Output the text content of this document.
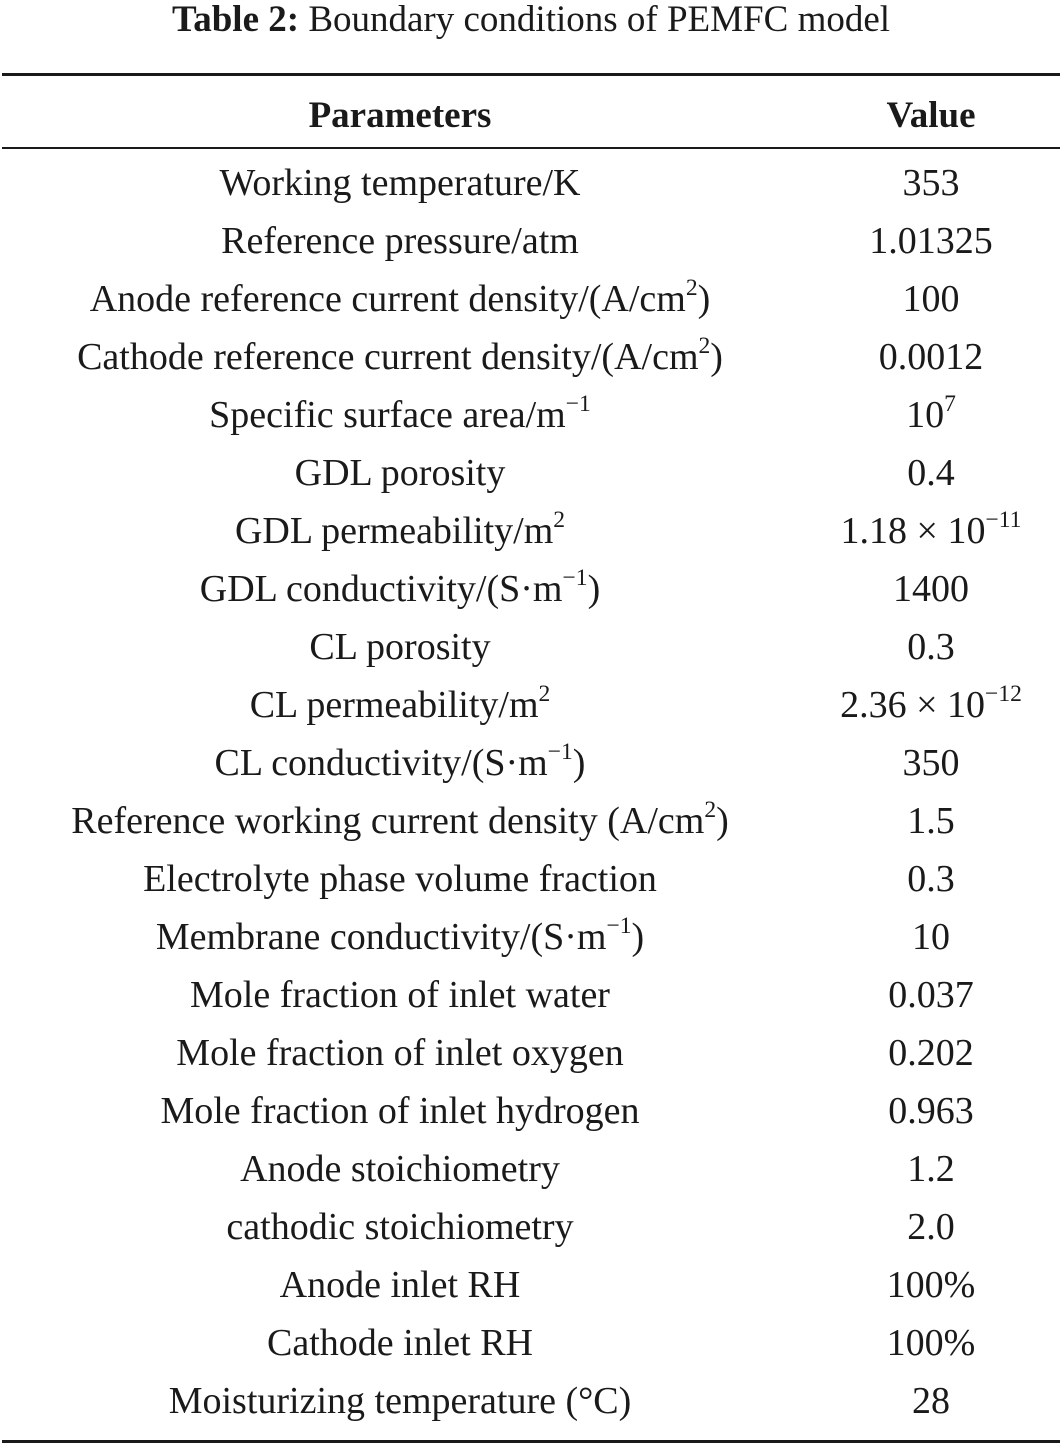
Table 2: Boundary conditions of PEMFC model
Parameters	Value

Working temperature/K	353
Reference pressure/atm	1.01325
Anode reference current density/$(A/cm^2)$	100
Cathode reference current density/$(A/cm^2)$	0.0012
Specific surface area/$m^{-1}$	$10^7$
GDL porosity	0.4
GDL permeability/$m^2$	$1.18 \times 10^{-11}$
GDL conductivity/$(S\cdot m^{-1})$	1400
CL porosity	0.3
CL permeability/$m^2$	$2.36 \times 10^{-12}$
CL conductivity/$(S\cdot m^{-1})$	350
Reference working current density $(A/cm^2)$	1.5
Electrolyte phase volume fraction	0.3
Membrane conductivity/$(S\cdot m^{-1})$	10
Mole fraction of inlet water	0.037
Mole fraction of inlet oxygen	0.202
Mole fraction of inlet hydrogen	0.963
Anode stoichiometry	1.2
cathodic stoichiometry	2.0
Anode inlet RH	100%
Cathode inlet RH	100%
Moisturizing temperature (°C)	28
